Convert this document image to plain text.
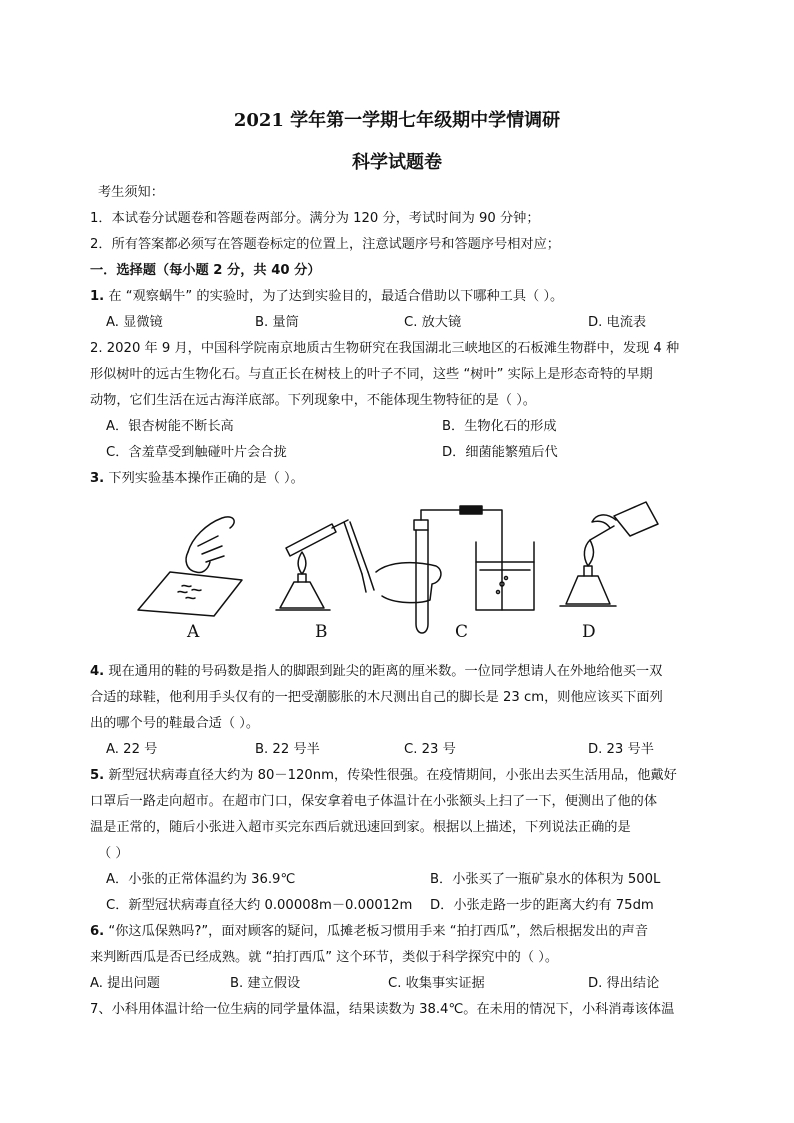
2021 学年第一学期七年级期中学情调研
科学试题卷
考生须知：
1．本试卷分试题卷和答题卷两部分。满分为 120 分，考试时间为 90 分钟；
2．所有答案都必须写在答题卷标定的位置上，注意试题序号和答题序号相对应；
一．选择题（每小题 2 分，共 40 分）
1. 在 “观察蜗牛” 的实验时，为了达到实验目的，最适合借助以下哪种工具（ ）。
A. 显微镜	B. 量筒	C. 放大镜	D. 电流表
2. 2020 年 9 月，中国科学院南京地质古生物研究在我国湖北三峡地区的石板滩生物群中，发现 4 种
形似树叶的远古生物化石。与直正长在树枝上的叶子不同，这些 “树叶” 实际上是形态奇特的早期
动物，它们生活在远古海洋底部。下列现象中，不能体现生物特征的是（ ）。
A．银杏树能不断长高	B．生物化石的形成
C．含羞草受到触碰叶片会合拢	D．细菌能繁殖后代
3. 下列实验基本操作正确的是（ ）。
A	B	C	D
4. 现在通用的鞋的号码数是指人的脚跟到趾尖的距离的厘米数。一位同学想请人在外地给他买一双
合适的球鞋，他利用手头仅有的一把受潮膨胀的木尺测出自己的脚长是 23 cm，则他应该买下面列
出的哪个号的鞋最合适（ ）。
A. 22 号	B. 22 号半	C. 23 号	D. 23 号半
5. 新型冠状病毒直径大约为 80－120nm，传染性很强。在疫情期间，小张出去买生活用品，他戴好
口罩后一路走向超市。在超市门口，保安拿着电子体温计在小张额头上扫了一下，便测出了他的体
温是正常的，随后小张进入超市买完东西后就迅速回到家。根据以上描述，下列说法正确的是
（ ）
A．小张的正常体温约为 36.9℃	B．小张买了一瓶矿泉水的体积为 500L
C．新型冠状病毒直径大约 0.00008m－0.00012m D．小张走路一步的距离大约有 75dm
6. “你这瓜保熟吗?”，面对顾客的疑问，瓜摊老板习惯用手来 “拍打西瓜”，然后根据发出的声音
来判断西瓜是否已经成熟。就 “拍打西瓜” 这个环节，类似于科学探究中的（ ）。
A. 提出问题	B. 建立假设	C. 收集事实证据	D. 得出结论
7、小科用体温计给一位生病的同学量体温，结果读数为 38.4℃。在未用的情况下，小科消毒该体温
